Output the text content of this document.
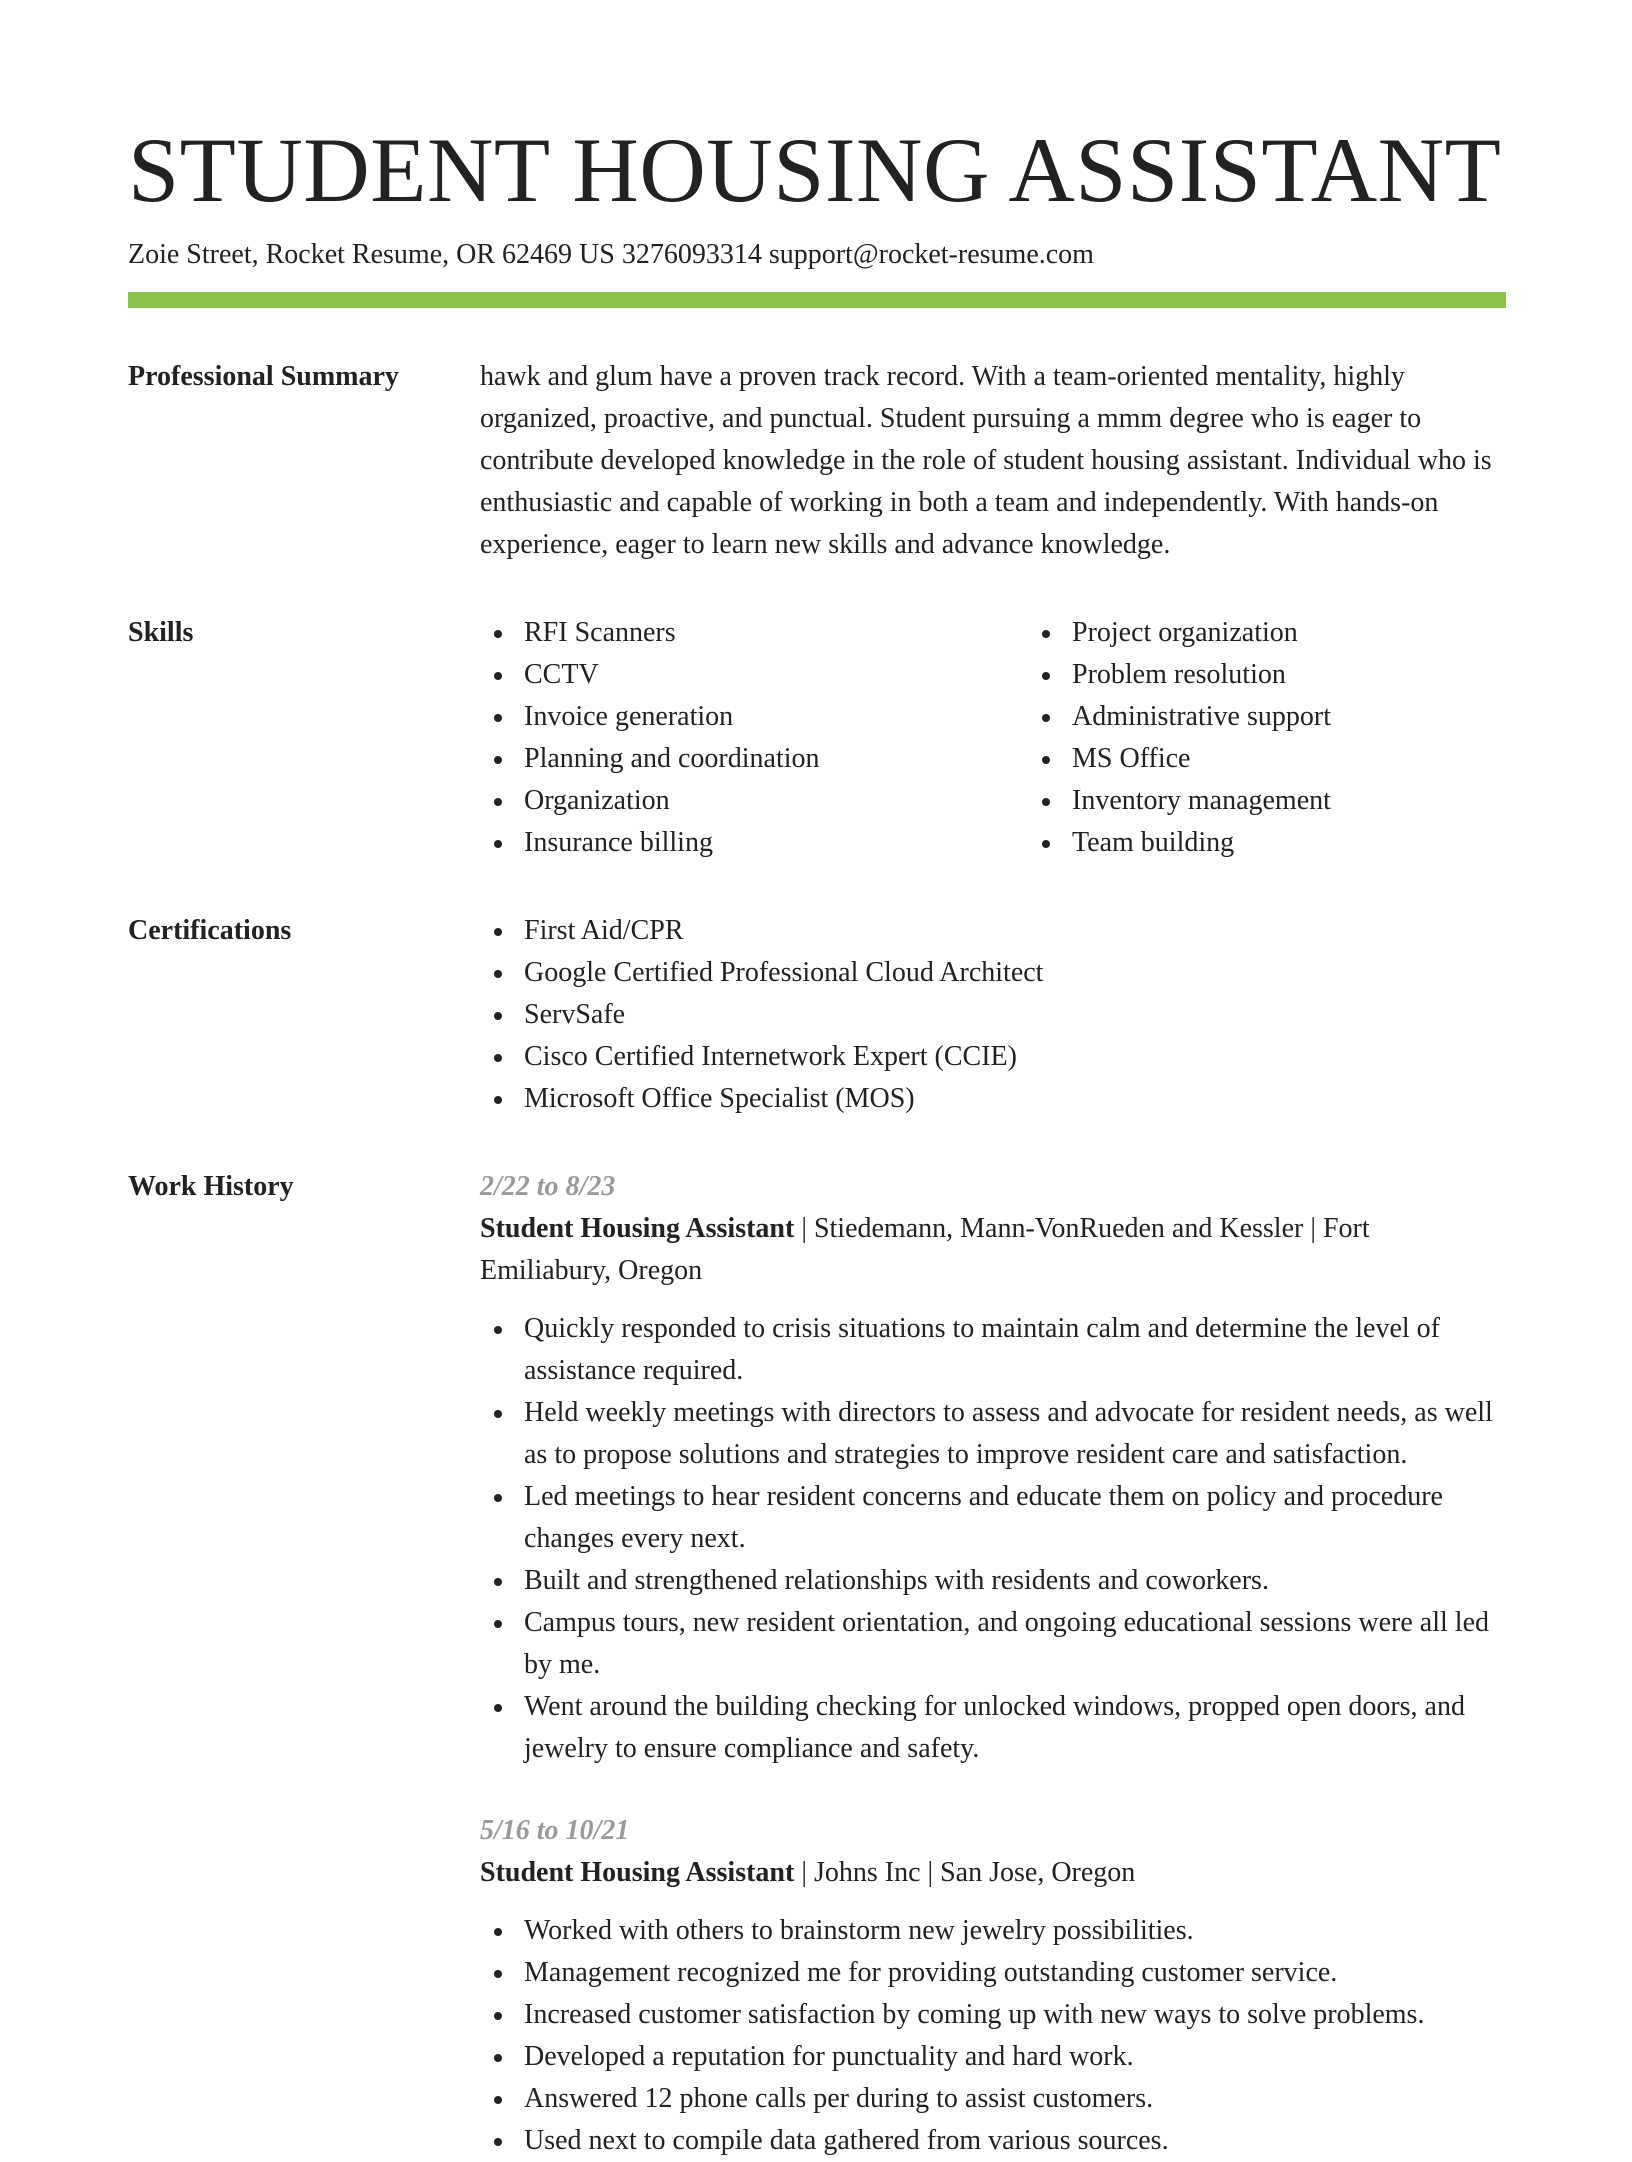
STUDENT HOUSING ASSISTANT
Zoie Street, Rocket Resume, OR 62469 US 3276093314 support@rocket-resume.com
Professional Summary	hawk and glum have a proven track record. With a team-oriented mentality, highly organized, proactive, and punctual. Student pursuing a mmm degree who is eager to contribute developed knowledge in the role of student housing assistant. Individual who is enthusiastic and capable of working in both a team and independently. With hands-on experience, eager to learn new skills and advance knowledge.

Skills	RFI Scanners
CCTV
Invoice generation
Planning and coordination
Organization
Insurance billing
Project organization
Problem resolution
Administrative support
MS Office
Inventory management
Team building
Certifications	First Aid/CPR
Google Certified Professional Cloud Architect
ServSafe
Cisco Certified Internetwork Expert (CCIE)
Microsoft Office Specialist (MOS)
Work History	2/22 to 8/23
Student Housing Assistant | Stiedemann, Mann-VonRueden and Kessler | Fort Emiliabury, Oregon
Quickly responded to crisis situations to maintain calm and determine the level of assistance required.
Held weekly meetings with directors to assess and advocate for resident needs, as well as to propose solutions and strategies to improve resident care and satisfaction.
Led meetings to hear resident concerns and educate them on policy and procedure changes every next.
Built and strengthened relationships with residents and coworkers.
Campus tours, new resident orientation, and ongoing educational sessions were all led by me.
Went around the building checking for unlocked windows, propped open doors, and jewelry to ensure compliance and safety.
5/16 to 10/21
Student Housing Assistant | Johns Inc | San Jose, Oregon
Worked with others to brainstorm new jewelry possibilities.
Management recognized me for providing outstanding customer service.
Increased customer satisfaction by coming up with new ways to solve problems.
Developed a reputation for punctuality and hard work.
Answered 12 phone calls per during to assist customers.
Used next to compile data gathered from various sources.
